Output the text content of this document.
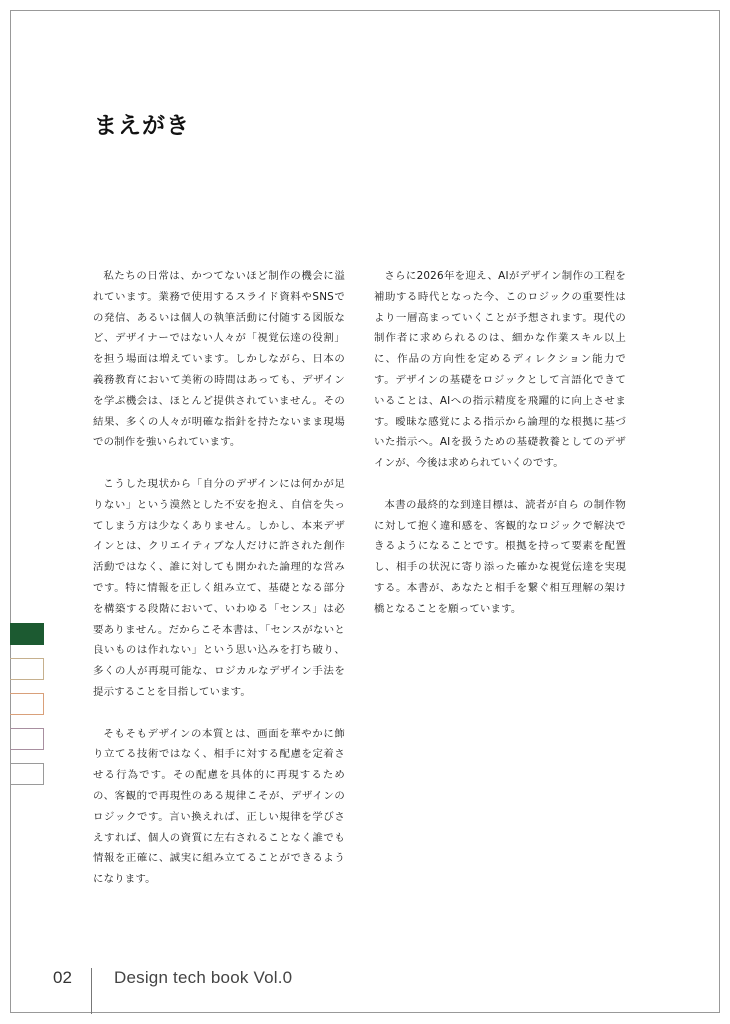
まえがき

私たちの日常は、かつてないほど制作の機会に溢れています。業務で使用するスライド資料やSNSでの発信、あるいは個人の執筆活動に付随する図版など、デザイナーではない人々が「視覚伝達の役割」を担う場面は増えています。しかしながら、日本の義務教育において美術の時間はあっても、デザインを学ぶ機会は、ほとんど提供されていません。その結果、多くの人々が明確な指針を持たないまま現場での制作を強いられています。

こうした現状から「自分のデザインには何かが足りない」という漠然とした不安を抱え、自信を失ってしまう方は少なくありません。しかし、本来デザインとは、クリエイティブな人だけに許された創作活動ではなく、誰に対しても開かれた論理的な営みです。特に情報を正しく組み立て、基礎となる部分を構築する段階において、いわゆる「センス」は必要ありません。だからこそ本書は、「センスがないと良いものは作れない」という思い込みを打ち破り、多くの人が再現可能な、ロジカルなデザイン手法を提示することを目指しています。

そもそもデザインの本質とは、画面を華やかに飾り立てる技術ではなく、相手に対する配慮を定着させる行為です。その配慮を具体的に再現するための、客観的で再現性のある規律こそが、デザインのロジックです。言い換えれば、正しい規律を学びさえすれば、個人の資質に左右されることなく誰でも情報を正確に、誠実に組み立てることができるようになります。

さらに2026年を迎え、AIがデザイン制作の工程を補助する時代となった今、このロジックの重要性はより一層高まっていくことが予想されます。現代の制作者に求められるのは、細かな作業スキル以上に、作品の方向性を定めるディレクション能力です。デザインの基礎をロジックとして言語化できていることは、AIへの指示精度を飛躍的に向上させます。曖昧な感覚による指示から論理的な根拠に基づいた指示へ。AIを扱うための基礎教養としてのデザインが、今後は求められていくのです。

本書の最終的な到達目標は、読者が自ら の制作物に対して抱く違和感を、客観的なロジックで解決できるようになることです。根拠を持って要素を配置し、相手の状況に寄り添った確かな視覚伝達を実現する。本書が、あなたと相手を繋ぐ相互理解の架け橋となることを願っています。

02 Design tech book Vol.0
